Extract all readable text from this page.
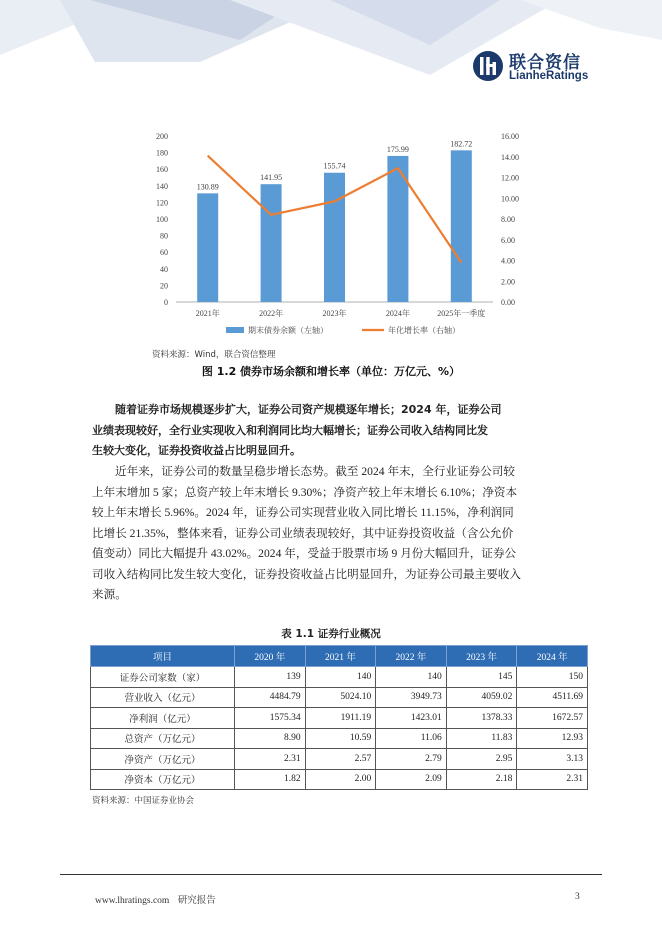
联合资信
LianheRatings
0
20
40
60
80
100
120
140
160
180
200
0.00
2.00
4.00
6.00
8.00
10.00
12.00
14.00
16.00
130.89
141.95
155.74
175.99
182.72
2021年	2022年	2023年	2024年	2025年一季度
期末债券余额（左轴）	年化增长率（右轴）
资料来源：Wind，联合资信整理
图 1.2 债券市场余额和增长率（单位：万亿元、%）
随着证券市场规模逐步扩大，证券公司资产规模逐年增长；2024 年，证券公司
业绩表现较好，全行业实现收入和利润同比均大幅增长；证券公司收入结构同比发
生较大变化，证券投资收益占比明显回升。
近年来，证券公司的数量呈稳步增长态势。截至 2024 年末，全行业证券公司较
上年末增加 5 家；总资产较上年末增长 9.30%；净资产较上年末增长 6.10%；净资本
较上年末增长 5.96%。2024 年，证券公司实现营业收入同比增长 11.15%，净利润同
比增长 21.35%，整体来看，证券公司业绩表现较好，其中证券投资收益（含公允价
值变动）同比大幅提升 43.02%。2024 年，受益于股票市场 9 月份大幅回升，证券公
司收入结构同比发生较大变化，证券投资收益占比明显回升，为证券公司最主要收入
来源。
表 1.1 证券行业概况
项目	2020 年	2021 年	2022 年	2023 年	2024 年
证券公司家数（家）	139	140	140	145	150
营业收入（亿元）	4484.79	5024.10	3949.73	4059.02	4511.69
净利润（亿元）	1575.34	1911.19	1423.01	1378.33	1672.57
总资产（万亿元）	8.90	10.59	11.06	11.83	12.93
净资产（万亿元）	2.31	2.57	2.79	2.95	3.13
净资本（万亿元）	1.82	2.00	2.09	2.18	2.31
资料来源：中国证券业协会
www.lhratings.com 研究报告	3
